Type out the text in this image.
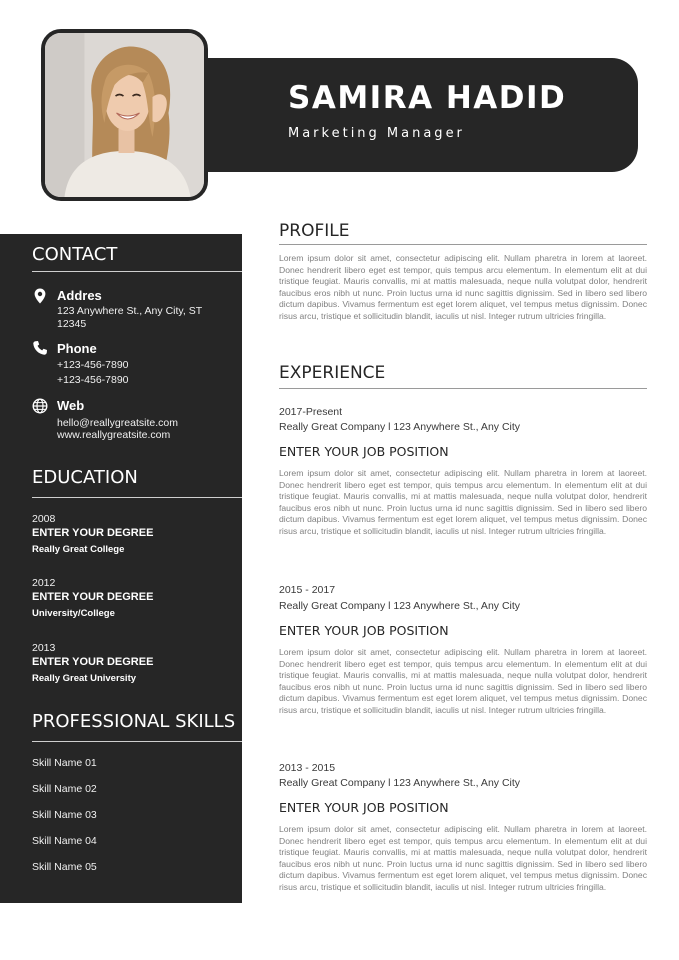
SAMIRA HADID
Marketing Manager
CONTACT
Addres
123 Anywhere St., Any City, ST
12345
Phone
+123-456-7890
+123-456-7890
Web
hello@reallygreatsite.com
www.reallygreatsite.com
EDUCATION
2008
ENTER YOUR DEGREE
Really Great College
2012
ENTER YOUR DEGREE
University/College
2013
ENTER YOUR DEGREE
Really Great University
PROFESSIONAL SKILLS
Skill Name 01
Skill Name 02
Skill Name 03
Skill Name 04
Skill Name 05
PROFILE
Lorem ipsum dolor sit amet, consectetur adipiscing elit. Nullam pharetra in lorem at laoreet. Donec hendrerit libero eget est tempor, quis tempus arcu elementum. In elementum elit at dui tristique feugiat. Mauris convallis, mi at mattis malesuada, neque nulla volutpat dolor, hendrerit faucibus eros nibh ut nunc. Proin luctus urna id nunc sagittis dignissim. Sed in libero sed libero dictum dapibus. Vivamus fermentum est eget lorem aliquet, vel tempus metus dignissim. Donec risus arcu, tristique et sollicitudin blandit, iaculis ut nisl. Integer rutrum ultricies fringilla.
EXPERIENCE
2017-Present
Really Great Company l 123 Anywhere St., Any City
ENTER YOUR JOB POSITION
Lorem ipsum dolor sit amet, consectetur adipiscing elit. Nullam pharetra in lorem at laoreet. Donec hendrerit libero eget est tempor, quis tempus arcu elementum. In elementum elit at dui tristique feugiat. Mauris convallis, mi at mattis malesuada, neque nulla volutpat dolor, hendrerit faucibus eros nibh ut nunc. Proin luctus urna id nunc sagittis dignissim. Sed in libero sed libero dictum dapibus. Vivamus fermentum est eget lorem aliquet, vel tempus metus dignissim. Donec risus arcu, tristique et sollicitudin blandit, iaculis ut nisl. Integer rutrum ultricies fringilla.
2015 - 2017
Really Great Company l 123 Anywhere St., Any City
ENTER YOUR JOB POSITION
Lorem ipsum dolor sit amet, consectetur adipiscing elit. Nullam pharetra in lorem at laoreet. Donec hendrerit libero eget est tempor, quis tempus arcu elementum. In elementum elit at dui tristique feugiat. Mauris convallis, mi at mattis malesuada, neque nulla volutpat dolor, hendrerit faucibus eros nibh ut nunc. Proin luctus urna id nunc sagittis dignissim. Sed in libero sed libero dictum dapibus. Vivamus fermentum est eget lorem aliquet, vel tempus metus dignissim. Donec risus arcu, tristique et sollicitudin blandit, iaculis ut nisl. Integer rutrum ultricies fringilla.
2013 - 2015
Really Great Company l 123 Anywhere St., Any City
ENTER YOUR JOB POSITION
Lorem ipsum dolor sit amet, consectetur adipiscing elit. Nullam pharetra in lorem at laoreet. Donec hendrerit libero eget est tempor, quis tempus arcu elementum. In elementum elit at dui tristique feugiat. Mauris convallis, mi at mattis malesuada, neque nulla volutpat dolor, hendrerit faucibus eros nibh ut nunc. Proin luctus urna id nunc sagittis dignissim. Sed in libero sed libero dictum dapibus. Vivamus fermentum est eget lorem aliquet, vel tempus metus dignissim. Donec risus arcu, tristique et sollicitudin blandit, iaculis ut nisl. Integer rutrum ultricies fringilla.
